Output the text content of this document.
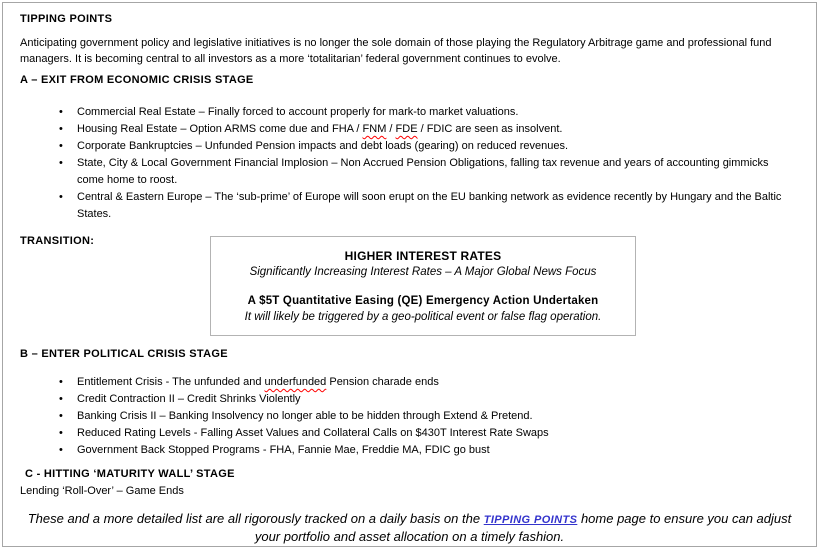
TIPPING POINTS

Anticipating government policy and legislative initiatives is no longer the sole domain of those playing the Regulatory Arbitrage game and professional fund managers. It is becoming central to all investors as a more ‘totalitarian’ federal government continues to evolve.

A – EXIT FROM ECONOMIC CRISIS STAGE
• Commercial Real Estate – Finally forced to account properly for mark-to market valuations.
• Housing Real Estate – Option ARMS come due and FHA / FNM / FDE / FDIC are seen as insolvent.
• Corporate Bankruptcies – Unfunded Pension impacts and debt loads (gearing) on reduced revenues.
• State, City & Local Government Financial Implosion – Non Accrued Pension Obligations, falling tax revenue and years of accounting gimmicks come home to roost.
• Central & Eastern Europe – The ‘sub-prime’ of Europe will soon erupt on the EU banking network as evidence recently by Hungary and the Baltic States.
TRANSITION:
HIGHER INTEREST RATES
Significantly Increasing Interest Rates – A Major Global News Focus
A $5T Quantitative Easing (QE) Emergency Action Undertaken
It will likely be triggered by a geo-political event or false flag operation.
B – ENTER POLITICAL CRISIS STAGE
• Entitlement Crisis - The unfunded and underfunded Pension charade ends
• Credit Contraction II – Credit Shrinks Violently
• Banking Crisis II – Banking Insolvency no longer able to be hidden through Extend & Pretend.
• Reduced Rating Levels - Falling Asset Values and Collateral Calls on $430T Interest Rate Swaps
• Government Back Stopped Programs - FHA, Fannie Mae, Freddie MA, FDIC go bust
C - HITTING ‘MATURITY WALL’ STAGE

Lending ‘Roll-Over’ – Game Ends

These and a more detailed list are all rigorously tracked on a daily basis on the TIPPING POINTS home page to ensure you can adjust your portfolio and asset allocation on a timely fashion.
